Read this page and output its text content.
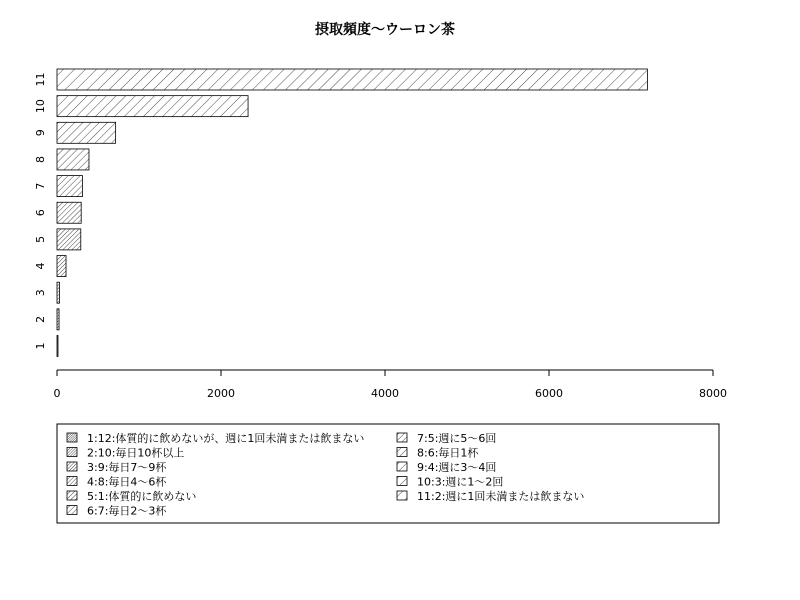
摂取頻度〜ウーロン茶
1
2
3
4
5
6
7
8
9
10
11
0	2000	4000	6000	8000
1:12:体質的に飲めないが、週に1回未満または飲まない
2:10:毎日10杯以上
3:9:毎日7〜9杯
4:8:毎日4〜6杯
5:1:体質的に飲めない
6:7:毎日2〜3杯
7:5:週に5〜6回
8:6:毎日1杯
9:4:週に3〜4回
10:3:週に1〜2回
11:2:週に1回未満または飲まない
